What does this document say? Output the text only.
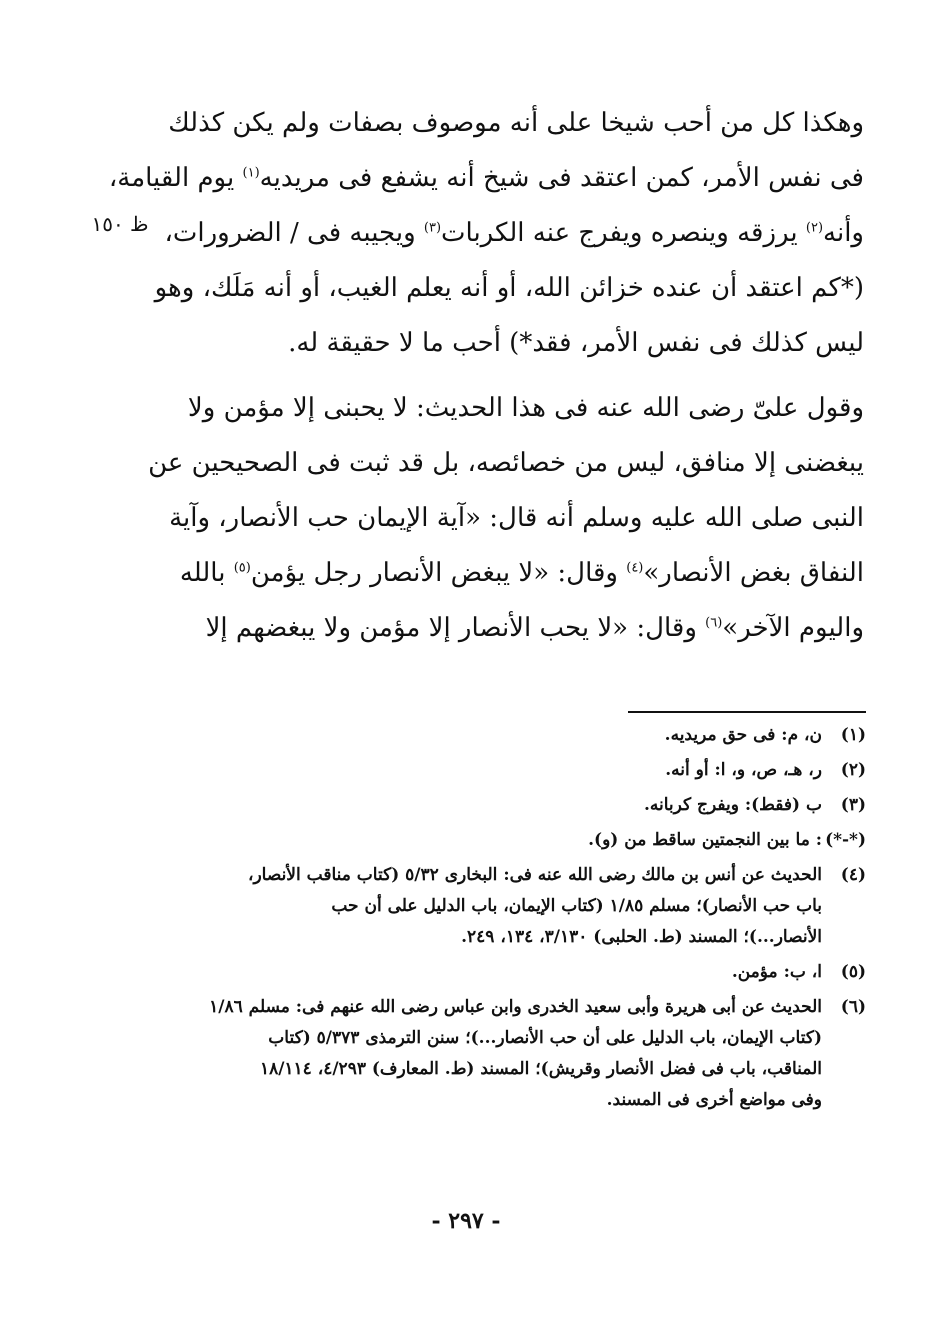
وهكذا كل من أحب شيخا على أنه موصوف بصفات ولم يكن كذلك
فى نفس الأمر، كمن اعتقد فى شيخ أنه يشفع فى مريديه$^{(١)}$ يوم القيامة،
وأنه$^{(٢)}$ يرزقه وينصره ويفرج عنه الكربات$^{(٣)}$ ويجيبه فى / الضرورات،
(*كم اعتقد أن عنده خزائن الله، أو أنه يعلم الغيب، أو أنه مَلَك، وهو
ليس كذلك فى نفس الأمر، فقد*) أحب ما لا حقيقة له.

وقول علىّ رضى الله عنه فى هذا الحديث: لا يحبنى إلا مؤمن ولا
يبغضنى إلا منافق، ليس من خصائصه، بل قد ثبت فى الصحيحين عن
النبى صلى الله عليه وسلم أنه قال: «آية الإيمان حب الأنصار، وآية
النفاق بغض الأنصار»$^{(٤)}$ وقال: «لا يبغض الأنصار رجل يؤمن$^{(٥)}$ بالله
واليوم الآخر»$^{(٦)}$ وقال: «لا يحب الأنصار إلا مؤمن ولا يبغضهم إلا

ظ ١٥٠
(١)
ن، م: فى حق مريديه.
(٢)
ر، هـ، ص، و، ا: أو أنه.
(٣)
ب (فقط): ويفرج كربانه.
(*-*)
: ما بين النجمتين ساقط من (و).
(٤)
الحديث عن أنس بن مالك رضى الله عنه فى: البخارى ٥/٣٢ (كتاب مناقب الأنصار،
باب حب الأنصار)؛ مسلم ١/٨٥ (كتاب الإيمان، باب الدليل على أن حب
الأنصار...)؛ المسند (ط. الحلبى) ٣/١٣٠، ١٣٤، ٢٤٩.
(٥)
ا، ب: مؤمن.
(٦)
الحديث عن أبى هريرة وأبى سعيد الخدرى وابن عباس رضى الله عنهم فى: مسلم ١/٨٦
(كتاب الإيمان، باب الدليل على أن حب الأنصار...)؛ سنن الترمذى ٥/٣٧٣ (كتاب
المناقب، باب فى فضل الأنصار وقريش)؛ المسند (ط. المعارف) ٤/٢٩٣، ١٨/١١٤
وفى مواضع أخرى فى المسند.
- ٢٩٧ -
